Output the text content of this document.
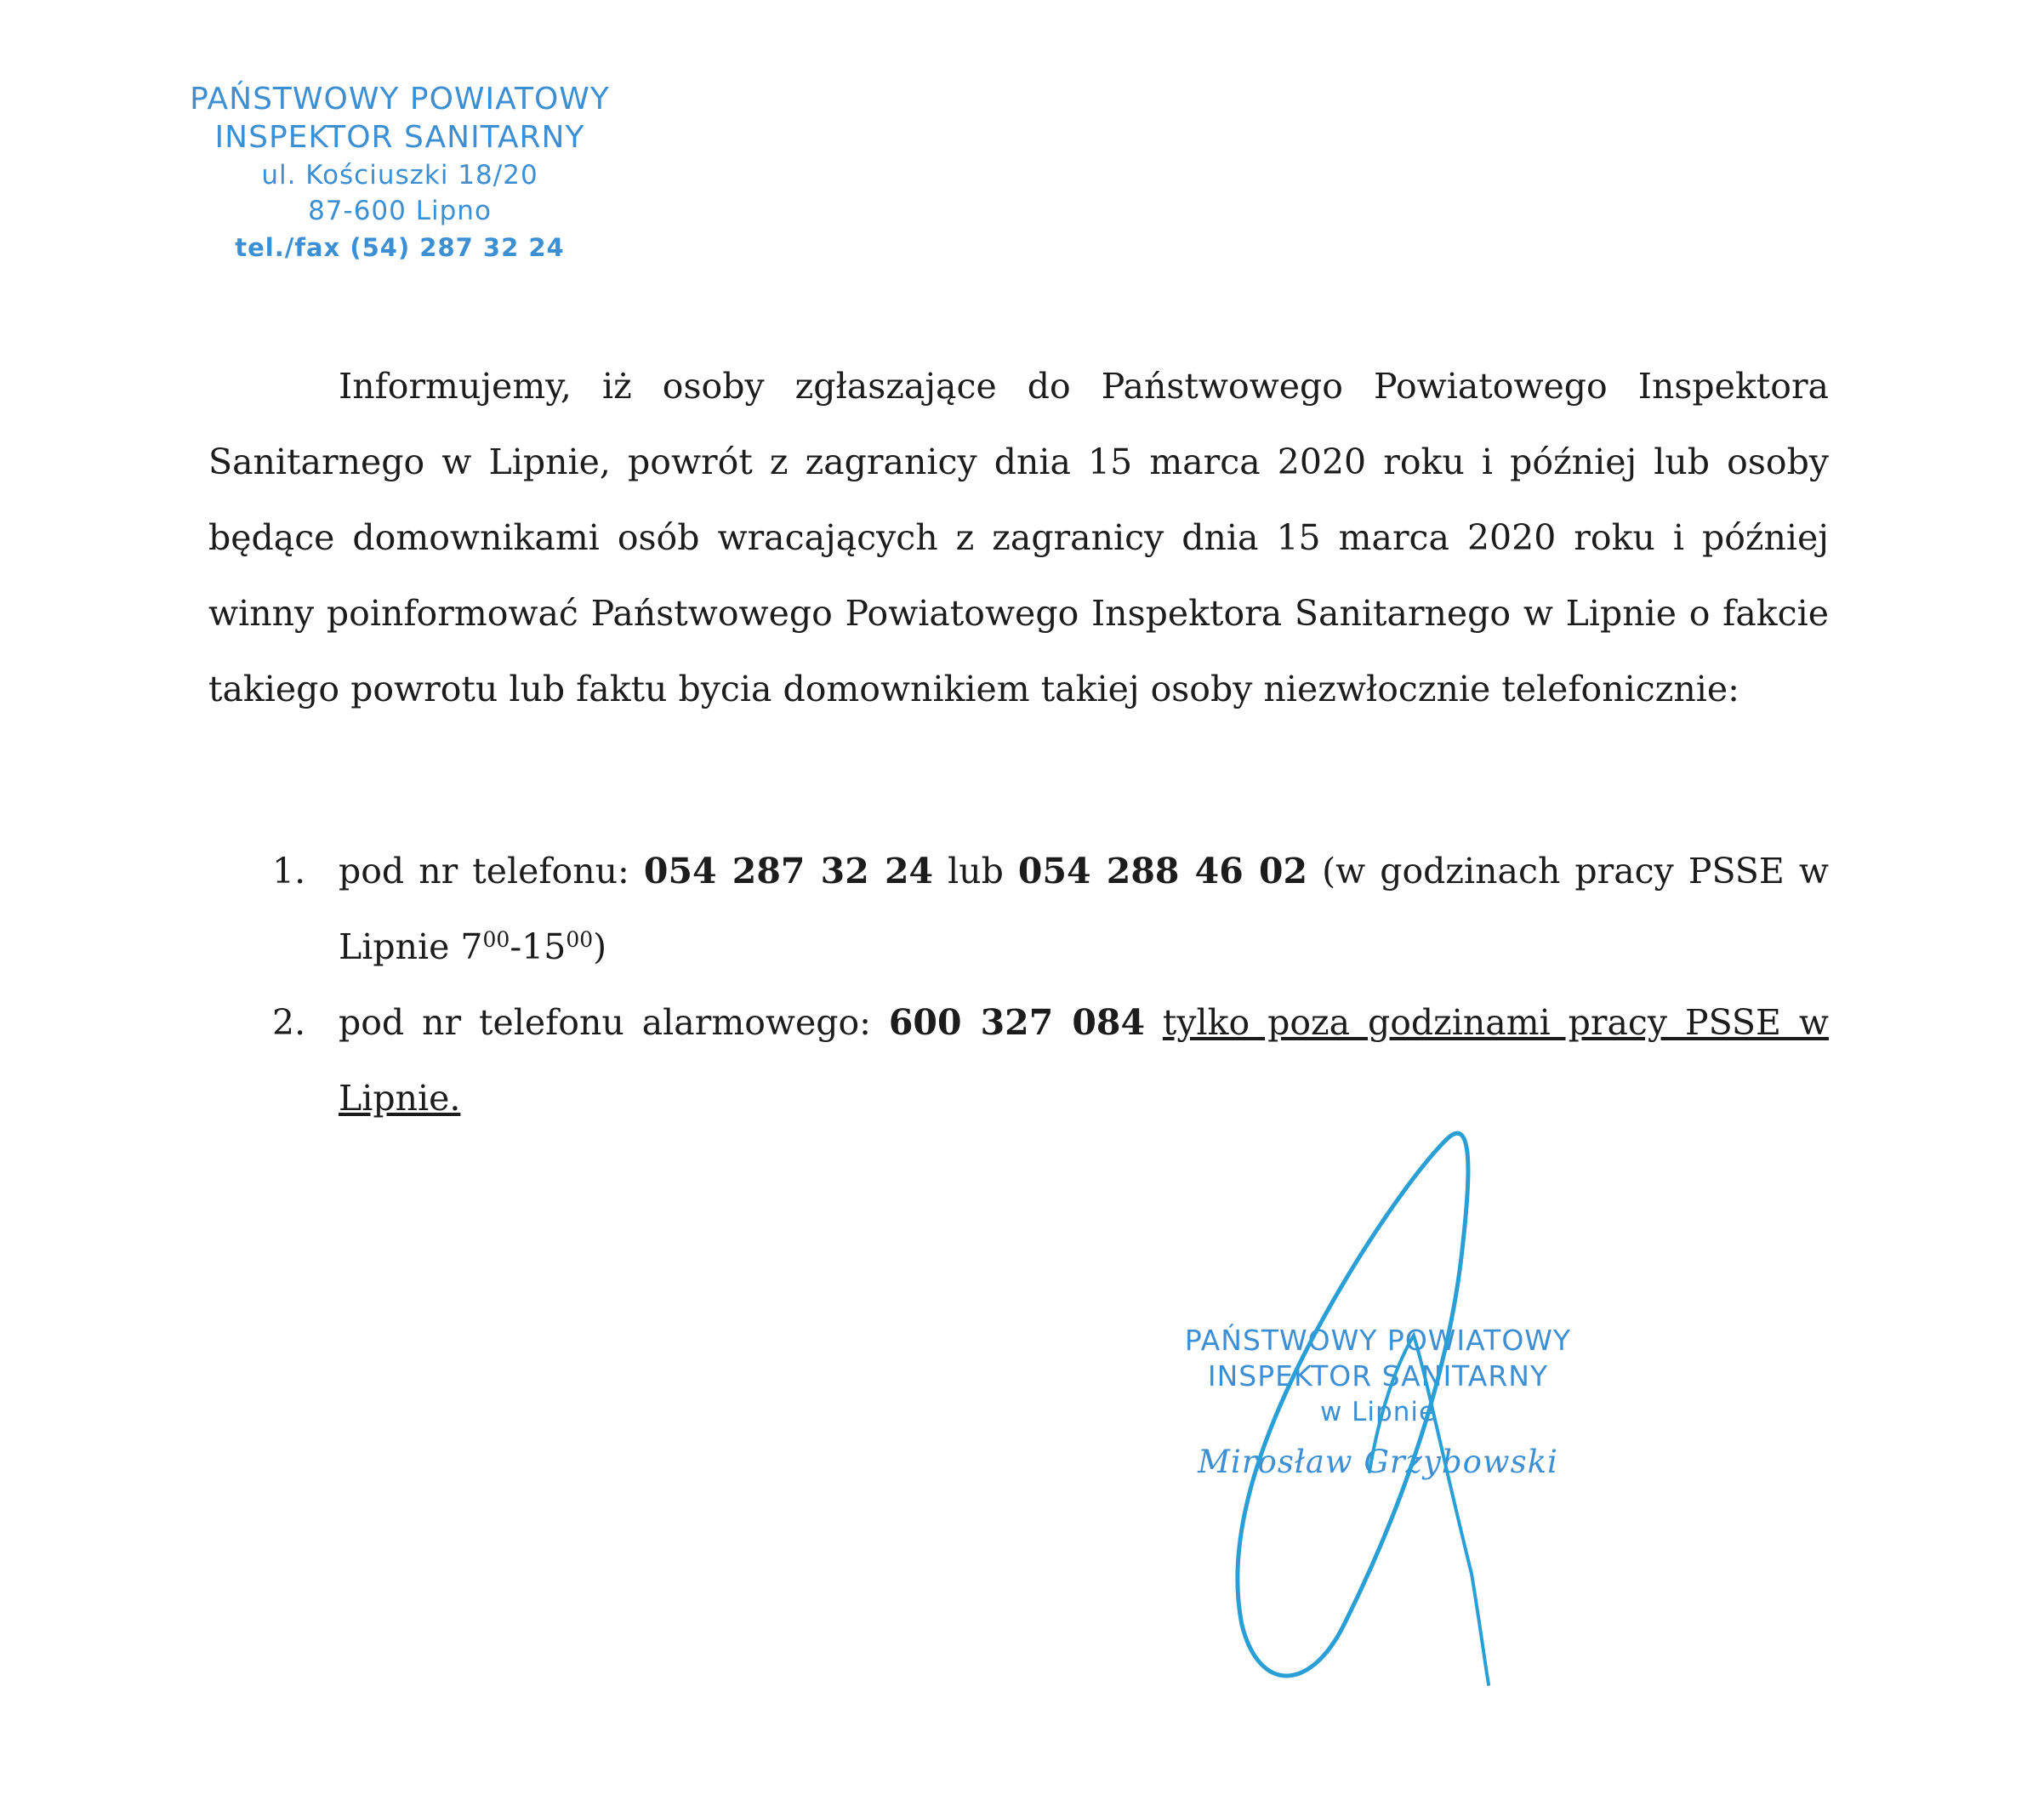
PAŃSTWOWY POWIATOWY
INSPEKTOR SANITARNY
ul. Kościuszki 18/20
87-600 Lipno
tel./fax (54) 287 32 24

Informujemy, iż osoby zgłaszające do Państwowego Powiatowego Inspektora Sanitarnego w Lipnie, powrót z zagranicy dnia 15 marca 2020 roku i później lub osoby będące domownikami osób wracających z zagranicy dnia 15 marca 2020 roku i później winny poinformować Państwowego Powiatowego Inspektora Sanitarnego w Lipnie o fakcie takiego powrotu lub faktu bycia domownikiem takiej osoby niezwłocznie telefonicznie:

1. pod nr telefonu: 054 287 32 24 lub 054 288 46 02 (w godzinach pracy PSSE w Lipnie $7^{00}-15^{00}$)
2. pod nr telefonu alarmowego: 600 327 084 tylko poza godzinami pracy PSSE w Lipnie.
PAŃSTWOWY POWIATOWY
INSPEKTOR SANITARNY
w Lipnie
Mirosław Grzybowski
